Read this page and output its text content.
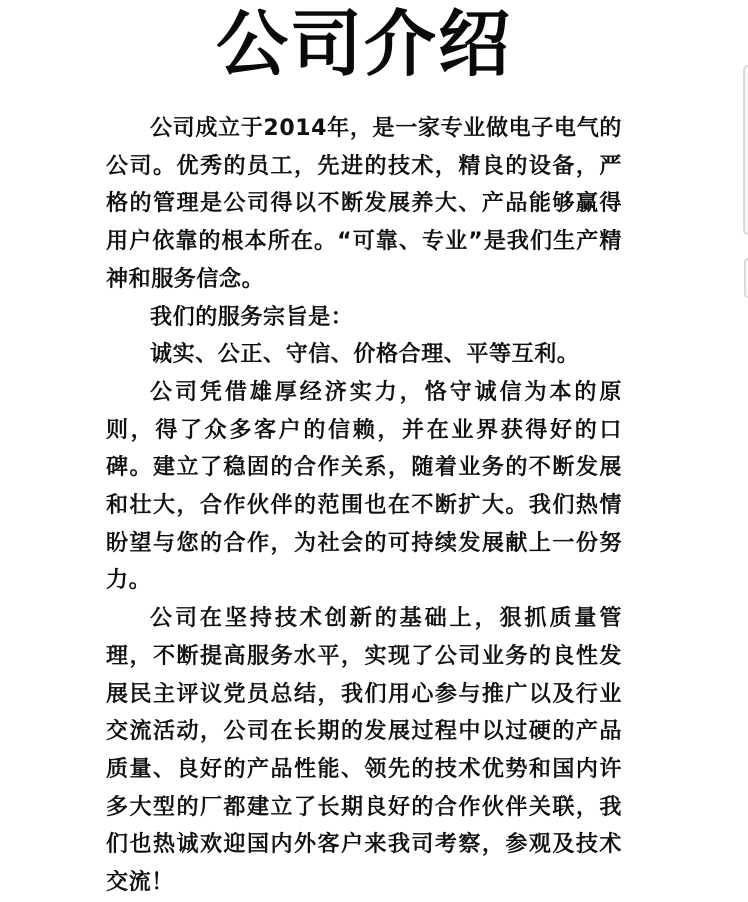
公司介绍

公司成立于2014年，是一家专业做电子电气的公司。优秀的员工，先进的技术，精良的设备，严格的管理是公司得以不断发展养大、产品能够赢得用户依靠的根本所在。“可靠、专业”是我们生产精神和服务信念。

我们的服务宗旨是：

诚实、公正、守信、价格合理、平等互利。

公司凭借雄厚经济实力，恪守诚信为本的原则，得了众多客户的信赖，并在业界获得好的口碑。建立了稳固的合作关系，随着业务的不断发展和壮大，合作伙伴的范围也在不断扩大。我们热情盼望与您的合作，为社会的可持续发展献上一份努力。

公司在坚持技术创新的基础上，狠抓质量管理，不断提高服务水平，实现了公司业务的良性发展民主评议党员总结，我们用心参与推广以及行业交流活动，公司在长期的发展过程中以过硬的产品质量、良好的产品性能、领先的技术优势和国内许多大型的厂都建立了长期良好的合作伙伴关联，我们也热诚欢迎国内外客户来我司考察，参观及技术交流！
